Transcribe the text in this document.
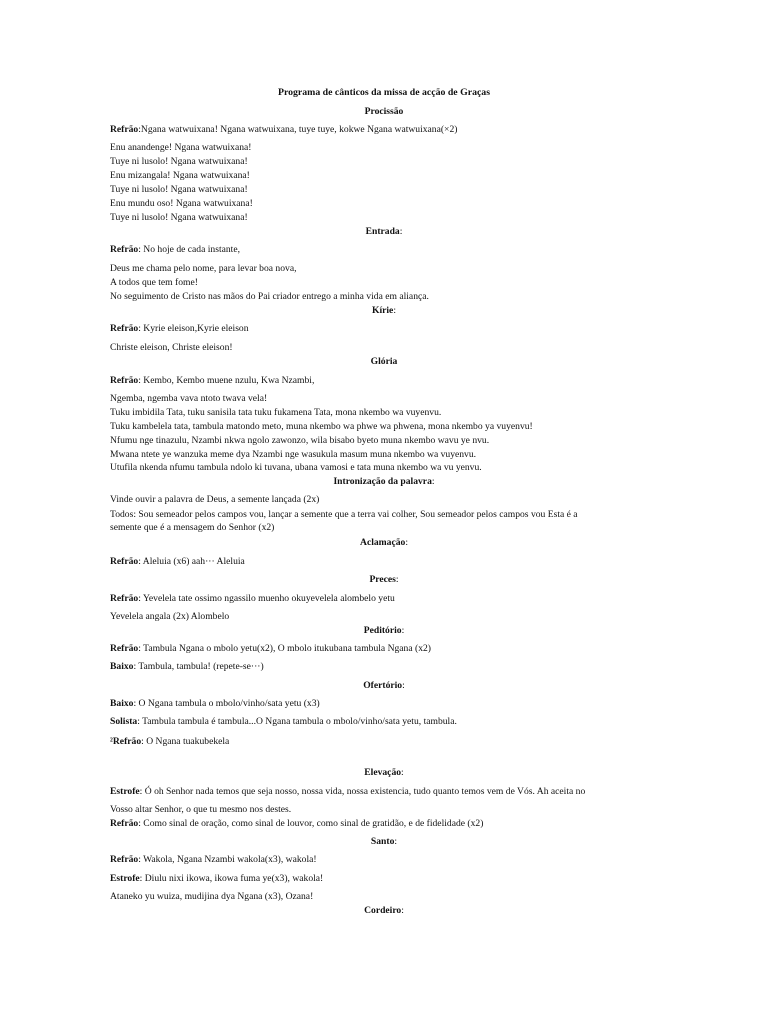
Programa de cânticos da missa de acção de Graças
Procissão
Refrão:Ngana watwuixana! Ngana watwuixana, tuye tuye, kokwe Ngana watwuixana(×2)
Enu anandenge! Ngana watwuixana!
Tuye ni lusolo! Ngana watwuixana!
Enu mizangala! Ngana watwuixana!
Tuye ni lusolo! Ngana watwuixana!
Enu mundu oso! Ngana watwuixana!
Tuye ni lusolo! Ngana watwuixana!
Entrada:
Refrão: No hoje de cada instante,
Deus me chama pelo nome, para levar boa nova,
A todos que tem fome!
No seguimento de Cristo nas mãos do Pai criador entrego a minha vida em aliança.
Kírie:
Refrão: Kyrie eleison,Kyrie eleison
Christe eleison, Christe eleison!
Glória
Refrão: Kembo, Kembo muene nzulu, Kwa Nzambi,
Ngemba, ngemba vava ntoto twava vela!
Tuku imbidila Tata, tuku sanisila tata tuku fukamena Tata, mona nkembo wa vuyenvu.
Tuku kambelela tata, tambula matondo meto, muna nkembo wa phwe wa phwena, mona nkembo ya vuyenvu!
Nfumu nge tinazulu, Nzambi nkwa ngolo zawonzo, wila bisabo byeto muna nkembo wavu ye nvu.
Mwana ntete ye wanzuka meme dya Nzambi nge wasukula masum muna nkembo wa vuyenvu.
Utufila nkenda nfumu tambula ndolo ki tuvana, ubana vamosi e tata muna nkembo wa vu yenvu.
Intronização da palavra:
Vinde ouvir a palavra de Deus, a semente lançada (2x)
Todos: Sou semeador pelos campos vou, lançar a semente que a terra vai colher, Sou semeador pelos campos vou Esta é a
semente que é a mensagem do Senhor (x2)
Aclamação:
Refrão: Aleluia (x6) aah··· Aleluia
Preces:
Refrão: Yevelela tate ossimo ngassilo muenho okuyevelela alombelo yetu
Yevelela angala (2x) Alombelo
Peditório:
Refrão: Tambula Ngana o mbolo yetu(x2), O mbolo itukubana tambula Ngana (x2)
Baixo: Tambula, tambula! (repete-se···)
Ofertório:
Baixo: O Ngana tambula o mbolo/vinho/sata yetu (x3)
Solista: Tambula tambula é tambula...O Ngana tambula o mbolo/vinho/sata yetu, tambula.
²Refrão: O Ngana tuakubekela
Elevação:
Estrofe: Ó oh Senhor nada temos que seja nosso, nossa vida, nossa existencia, tudo quanto temos vem de Vós. Ah aceita no
Vosso altar Senhor, o que tu mesmo nos destes.
Refrão: Como sinal de oração, como sinal de louvor, como sinal de gratidão, e de fidelidade (x2)
Santo:
Refrão: Wakola, Ngana Nzambi wakola(x3), wakola!
Estrofe: Diulu nixi ikowa, ikowa fuma ye(x3), wakola!
Ataneko yu wuiza, mudijina dya Ngana (x3), Ozana!
Cordeiro:
